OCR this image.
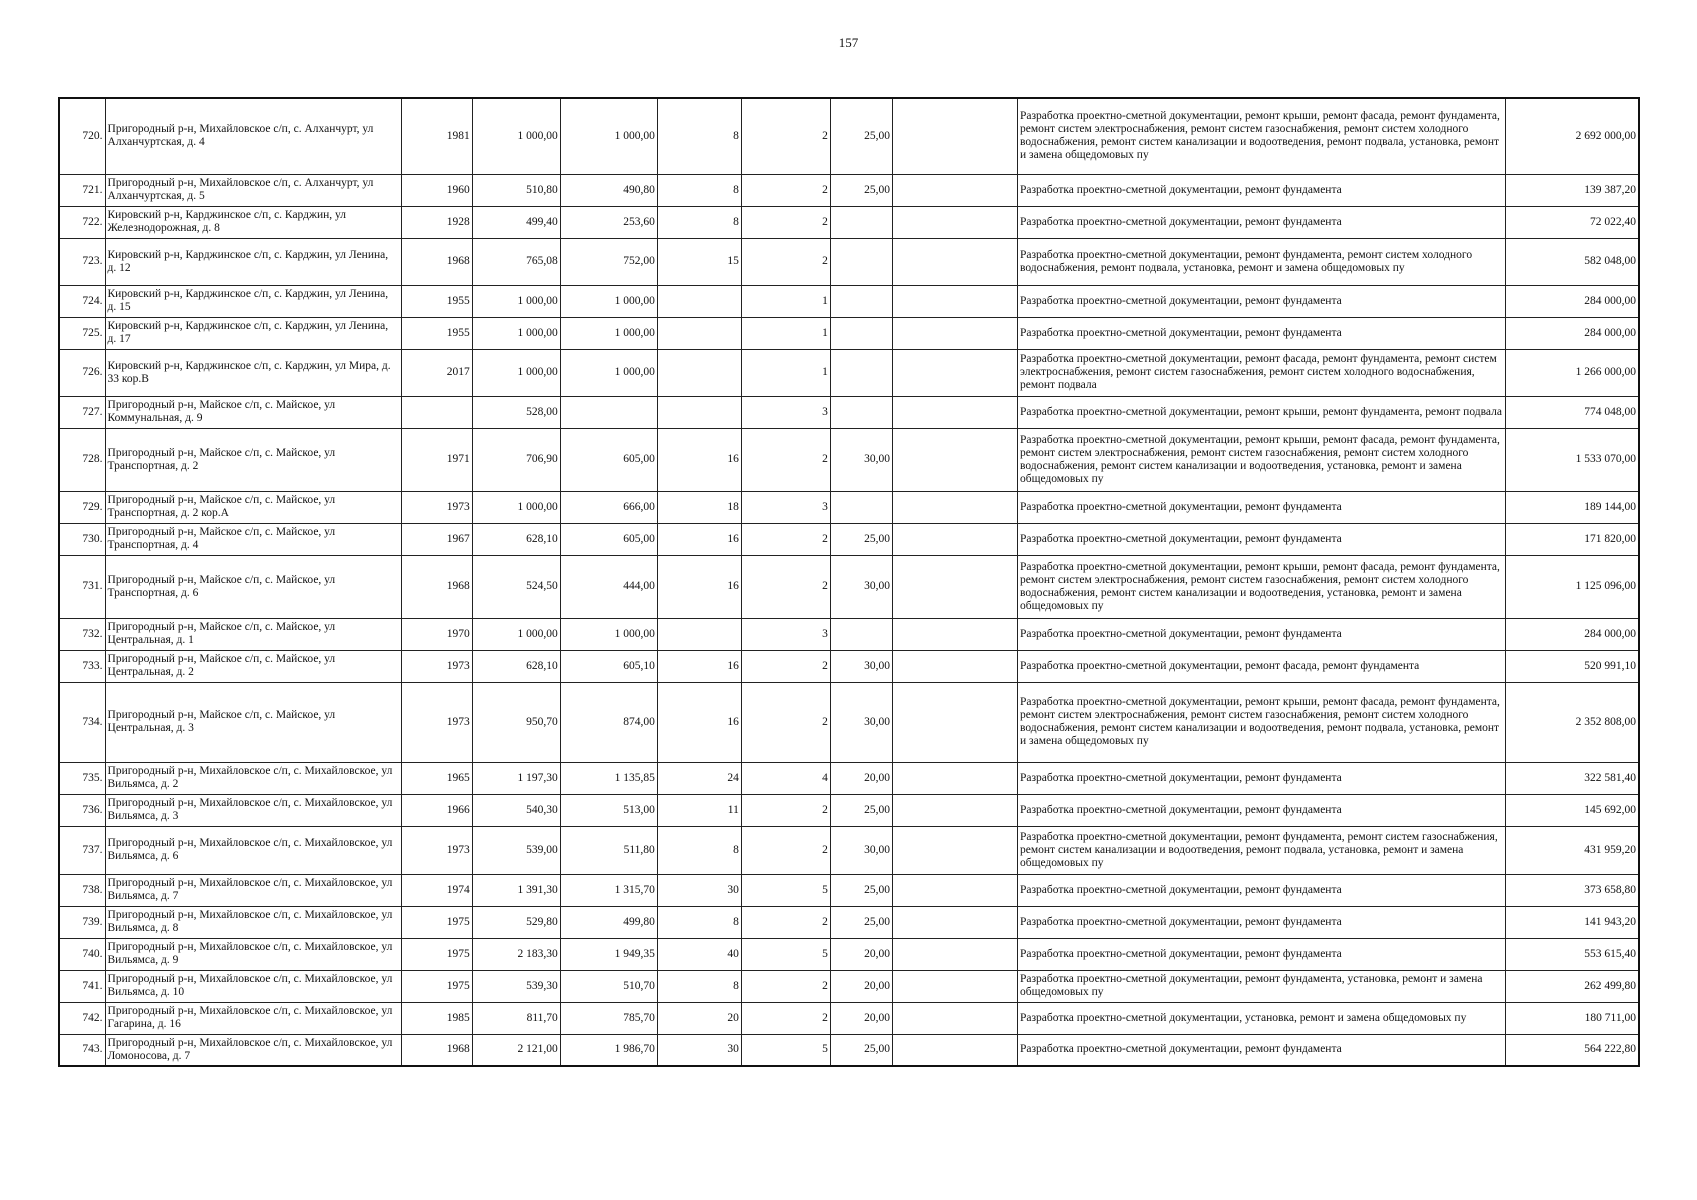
157
720.	Пригородный р-н, Михайловское с/п, с. Алханчурт, ул Алханчуртская, д. 4	1981	1 000,00	1 000,00	8	2	25,00		Разработка проектно-сметной документации, ремонт крыши, ремонт фасада, ремонт фундамента, ремонт систем электроснабжения, ремонт систем газоснабжения, ремонт систем холодного водоснабжения, ремонт систем канализации и водоотведения, ремонт подвала, установка, ремонт и замена общедомовых пу	2 692 000,00
721.	Пригородный р-н, Михайловское с/п, с. Алханчурт, ул Алханчуртская, д. 5	1960	510,80	490,80	8	2	25,00		Разработка проектно-сметной документации, ремонт фундамента	139 387,20
722.	Кировский р-н, Карджинское с/п, с. Карджин, ул Железнодорожная, д. 8	1928	499,40	253,60	8	2			Разработка проектно-сметной документации, ремонт фундамента	72 022,40
723.	Кировский р-н, Карджинское с/п, с. Карджин, ул Ленина, д. 12	1968	765,08	752,00	15	2			Разработка проектно-сметной документации, ремонт фундамента, ремонт систем холодного водоснабжения, ремонт подвала, установка, ремонт и замена общедомовых пу	582 048,00
724.	Кировский р-н, Карджинское с/п, с. Карджин, ул Ленина, д. 15	1955	1 000,00	1 000,00		1			Разработка проектно-сметной документации, ремонт фундамента	284 000,00
725.	Кировский р-н, Карджинское с/п, с. Карджин, ул Ленина, д. 17	1955	1 000,00	1 000,00		1			Разработка проектно-сметной документации, ремонт фундамента	284 000,00
726.	Кировский р-н, Карджинское с/п, с. Карджин, ул Мира, д. 33 кор.В	2017	1 000,00	1 000,00		1			Разработка проектно-сметной документации, ремонт фасада, ремонт фундамента, ремонт систем электроснабжения, ремонт систем газоснабжения, ремонт систем холодного водоснабжения, ремонт подвала	1 266 000,00
727.	Пригородный р-н, Майское с/п, с. Майское, ул Коммунальная, д. 9		528,00			3			Разработка проектно-сметной документации, ремонт крыши, ремонт фундамента, ремонт подвала	774 048,00
728.	Пригородный р-н, Майское с/п, с. Майское, ул Транспортная, д. 2	1971	706,90	605,00	16	2	30,00		Разработка проектно-сметной документации, ремонт крыши, ремонт фасада, ремонт фундамента, ремонт систем электроснабжения, ремонт систем газоснабжения, ремонт систем холодного водоснабжения, ремонт систем канализации и водоотведения, установка, ремонт и замена общедомовых пу	1 533 070,00
729.	Пригородный р-н, Майское с/п, с. Майское, ул Транспортная, д. 2 кор.А	1973	1 000,00	666,00	18	3			Разработка проектно-сметной документации, ремонт фундамента	189 144,00
730.	Пригородный р-н, Майское с/п, с. Майское, ул Транспортная, д. 4	1967	628,10	605,00	16	2	25,00		Разработка проектно-сметной документации, ремонт фундамента	171 820,00
731.	Пригородный р-н, Майское с/п, с. Майское, ул Транспортная, д. 6	1968	524,50	444,00	16	2	30,00		Разработка проектно-сметной документации, ремонт крыши, ремонт фасада, ремонт фундамента, ремонт систем электроснабжения, ремонт систем газоснабжения, ремонт систем холодного водоснабжения, ремонт систем канализации и водоотведения, установка, ремонт и замена общедомовых пу	1 125 096,00
732.	Пригородный р-н, Майское с/п, с. Майское, ул Центральная, д. 1	1970	1 000,00	1 000,00		3			Разработка проектно-сметной документации, ремонт фундамента	284 000,00
733.	Пригородный р-н, Майское с/п, с. Майское, ул Центральная, д. 2	1973	628,10	605,10	16	2	30,00		Разработка проектно-сметной документации, ремонт фасада, ремонт фундамента	520 991,10
734.	Пригородный р-н, Майское с/п, с. Майское, ул Центральная, д. 3	1973	950,70	874,00	16	2	30,00		Разработка проектно-сметной документации, ремонт крыши, ремонт фасада, ремонт фундамента, ремонт систем электроснабжения, ремонт систем газоснабжения, ремонт систем холодного водоснабжения, ремонт систем канализации и водоотведения, ремонт подвала, установка, ремонт и замена общедомовых пу	2 352 808,00
735.	Пригородный р-н, Михайловское с/п, с. Михайловское, ул Вильямса, д. 2	1965	1 197,30	1 135,85	24	4	20,00		Разработка проектно-сметной документации, ремонт фундамента	322 581,40
736.	Пригородный р-н, Михайловское с/п, с. Михайловское, ул Вильямса, д. 3	1966	540,30	513,00	11	2	25,00		Разработка проектно-сметной документации, ремонт фундамента	145 692,00
737.	Пригородный р-н, Михайловское с/п, с. Михайловское, ул Вильямса, д. 6	1973	539,00	511,80	8	2	30,00		Разработка проектно-сметной документации, ремонт фундамента, ремонт систем газоснабжения, ремонт систем канализации и водоотведения, ремонт подвала, установка, ремонт и замена общедомовых пу	431 959,20
738.	Пригородный р-н, Михайловское с/п, с. Михайловское, ул Вильямса, д. 7	1974	1 391,30	1 315,70	30	5	25,00		Разработка проектно-сметной документации, ремонт фундамента	373 658,80
739.	Пригородный р-н, Михайловское с/п, с. Михайловское, ул Вильямса, д. 8	1975	529,80	499,80	8	2	25,00		Разработка проектно-сметной документации, ремонт фундамента	141 943,20
740.	Пригородный р-н, Михайловское с/п, с. Михайловское, ул Вильямса, д. 9	1975	2 183,30	1 949,35	40	5	20,00		Разработка проектно-сметной документации, ремонт фундамента	553 615,40
741.	Пригородный р-н, Михайловское с/п, с. Михайловское, ул Вильямса, д. 10	1975	539,30	510,70	8	2	20,00		Разработка проектно-сметной документации, ремонт фундамента, установка, ремонт и замена общедомовых пу	262 499,80
742.	Пригородный р-н, Михайловское с/п, с. Михайловское, ул Гагарина, д. 16	1985	811,70	785,70	20	2	20,00		Разработка проектно-сметной документации, установка, ремонт и замена общедомовых пу	180 711,00
743.	Пригородный р-н, Михайловское с/п, с. Михайловское, ул Ломоносова, д. 7	1968	2 121,00	1 986,70	30	5	25,00		Разработка проектно-сметной документации, ремонт фундамента	564 222,80
